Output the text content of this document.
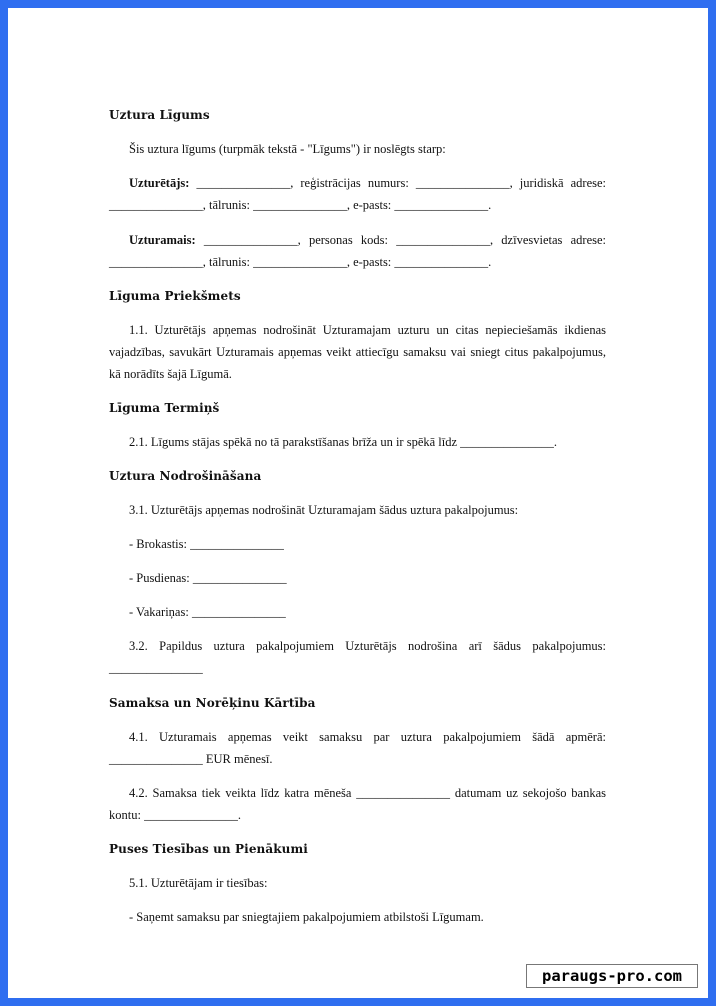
Uztura Līgums

Šis uztura līgums (turpmāk tekstā - "Līgums") ir noslēgts starp:

Uzturētājs: _______________, reģistrācijas numurs: _______________, juridiskā adrese: _______________, tālrunis: _______________, e-pasts: _______________.

Uzturamais: _______________, personas kods: _______________, dzīvesvietas adrese: _______________, tālrunis: _______________, e-pasts: _______________.

Līguma Priekšmets

1.1. Uzturētājs apņemas nodrošināt Uzturamajam uzturu un citas nepieciešamās ikdienas vajadzības, savukārt Uzturamais apņemas veikt attiecīgu samaksu vai sniegt citus pakalpojumus, kā norādīts šajā Līgumā.

Līguma Termiņš

2.1. Līgums stājas spēkā no tā parakstīšanas brīža un ir spēkā līdz _______________.

Uztura Nodrošināšana

3.1. Uzturētājs apņemas nodrošināt Uzturamajam šādus uztura pakalpojumus:

- Brokastis: _______________

- Pusdienas: _______________

- Vakariņas: _______________

3.2. Papildus uztura pakalpojumiem Uzturētājs nodrošina arī šādus pakalpojumus: _______________

Samaksa un Norēķinu Kārtība

4.1. Uzturamais apņemas veikt samaksu par uztura pakalpojumiem šādā apmērā: _______________ EUR mēnesī.

4.2. Samaksa tiek veikta līdz katra mēneša _______________ datumam uz sekojošo bankas kontu: _______________.

Puses Tiesības un Pienākumi

5.1. Uzturētājam ir tiesības:

- Saņemt samaksu par sniegtajiem pakalpojumiem atbilstoši Līgumam.

paraugs-pro.com
